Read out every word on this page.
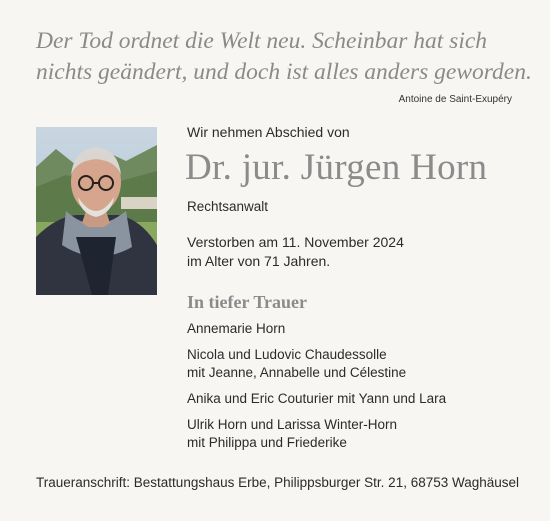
Der Tod ordnet die Welt neu. Scheinbar hat sich
nichts geändert, und doch ist alles anders geworden.
Antoine de Saint-Exupéry
Wir nehmen Abschied von
Dr. jur. Jürgen Horn
Rechtsanwalt
Verstorben am 11. November 2024
im Alter von 71 Jahren.
In tiefer Trauer
Annemarie Horn
Nicola und Ludovic Chaudessolle
mit Jeanne, Annabelle und Célestine
Anika und Eric Couturier mit Yann und Lara
Ulrik Horn und Larissa Winter-Horn
mit Philippa und Friederike
Traueranschrift: Bestattungshaus Erbe, Philippsburger Str. 21, 68753 Waghäusel
